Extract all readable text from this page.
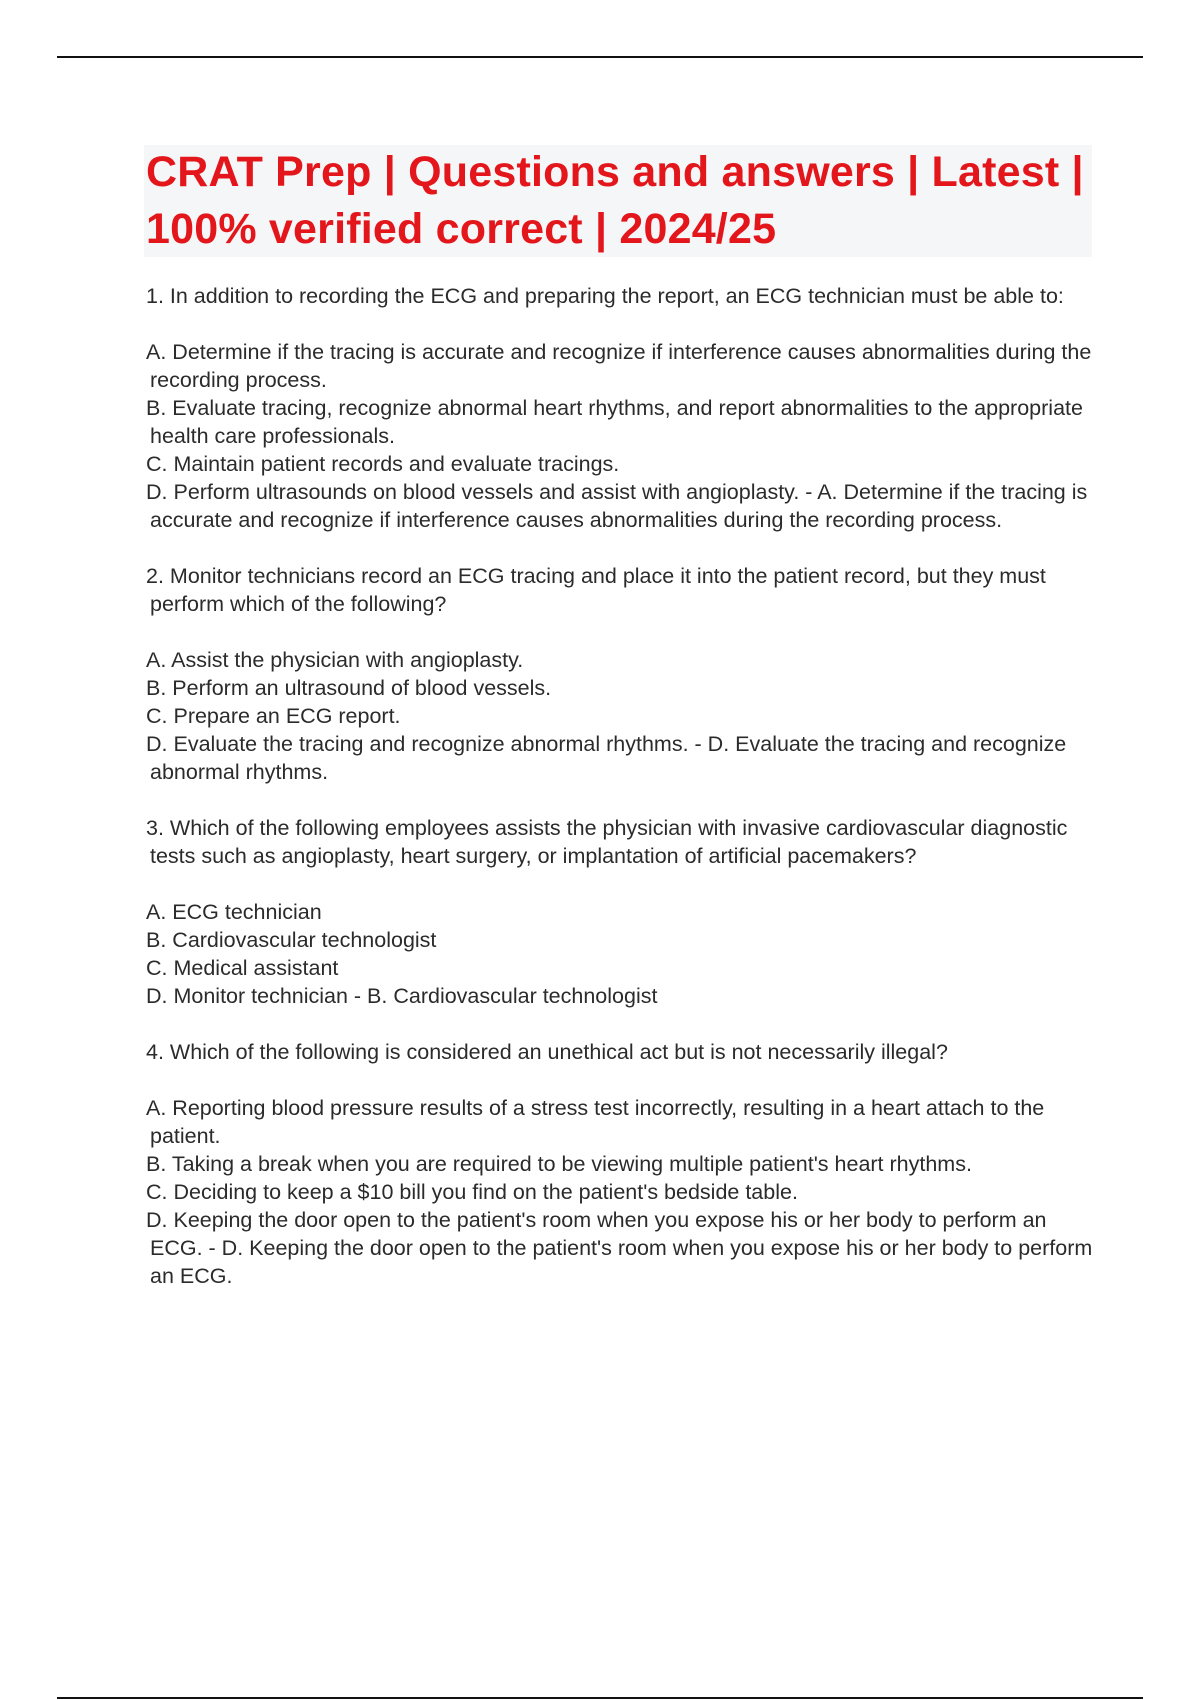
CRAT Prep | Questions and answers | Latest | 100% verified correct | 2024/25

1. In addition to recording the ECG and preparing the report, an ECG technician must be able to:

A. Determine if the tracing is accurate and recognize if interference causes abnormalities during the recording process.
B. Evaluate tracing, recognize abnormal heart rhythms, and report abnormalities to the appropriate health care professionals.
C. Maintain patient records and evaluate tracings.
D. Perform ultrasounds on blood vessels and assist with angioplasty. - A. Determine if the tracing is accurate and recognize if interference causes abnormalities during the recording process.

2. Monitor technicians record an ECG tracing and place it into the patient record, but they must perform which of the following?

A. Assist the physician with angioplasty.
B. Perform an ultrasound of blood vessels.
C. Prepare an ECG report.
D. Evaluate the tracing and recognize abnormal rhythms. - D. Evaluate the tracing and recognize abnormal rhythms.

3. Which of the following employees assists the physician with invasive cardiovascular diagnostic tests such as angioplasty, heart surgery, or implantation of artificial pacemakers?

A. ECG technician
B. Cardiovascular technologist
C. Medical assistant
D. Monitor technician - B. Cardiovascular technologist

4. Which of the following is considered an unethical act but is not necessarily illegal?

A. Reporting blood pressure results of a stress test incorrectly, resulting in a heart attach to the patient.
B. Taking a break when you are required to be viewing multiple patient's heart rhythms.
C. Deciding to keep a $10 bill you find on the patient's bedside table.
D. Keeping the door open to the patient's room when you expose his or her body to perform an ECG. - D. Keeping the door open to the patient's room when you expose his or her body to perform an ECG.
